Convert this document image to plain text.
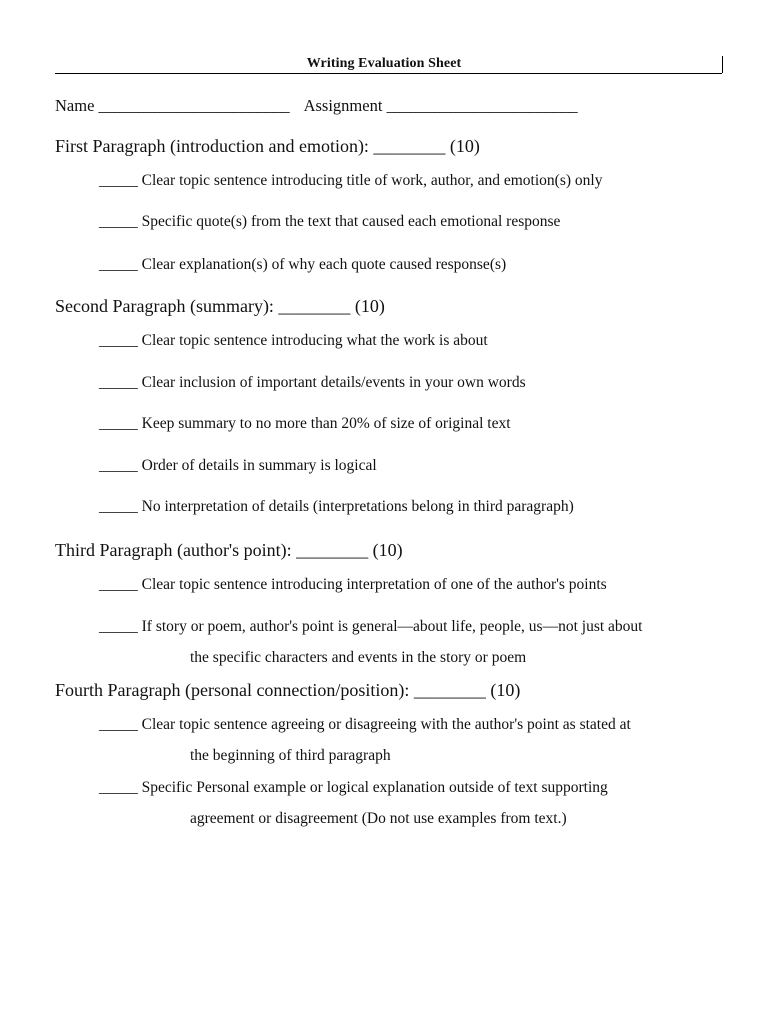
Writing Evaluation Sheet
Name ________________________ Assignment ________________________
First Paragraph (introduction and emotion): ________ (10)
_____ Clear topic sentence introducing title of work, author, and emotion(s) only
_____ Specific quote(s) from the text that caused each emotional response
_____ Clear explanation(s) of why each quote caused response(s)
Second Paragraph (summary): ________ (10)
_____ Clear topic sentence introducing what the work is about
_____ Clear inclusion of important details/events in your own words
_____ Keep summary to no more than 20% of size of original text
_____ Order of details in summary is logical
_____ No interpretation of details (interpretations belong in third paragraph)
Third Paragraph (author's point): ________ (10)
_____ Clear topic sentence introducing interpretation of one of the author's points
_____ If story or poem, author's point is general—about life, people, us—not just about
the specific characters and events in the story or poem
Fourth Paragraph (personal connection/position): ________ (10)
_____ Clear topic sentence agreeing or disagreeing with the author's point as stated at
the beginning of third paragraph
_____ Specific Personal example or logical explanation outside of text supporting
agreement or disagreement (Do not use examples from text.)
